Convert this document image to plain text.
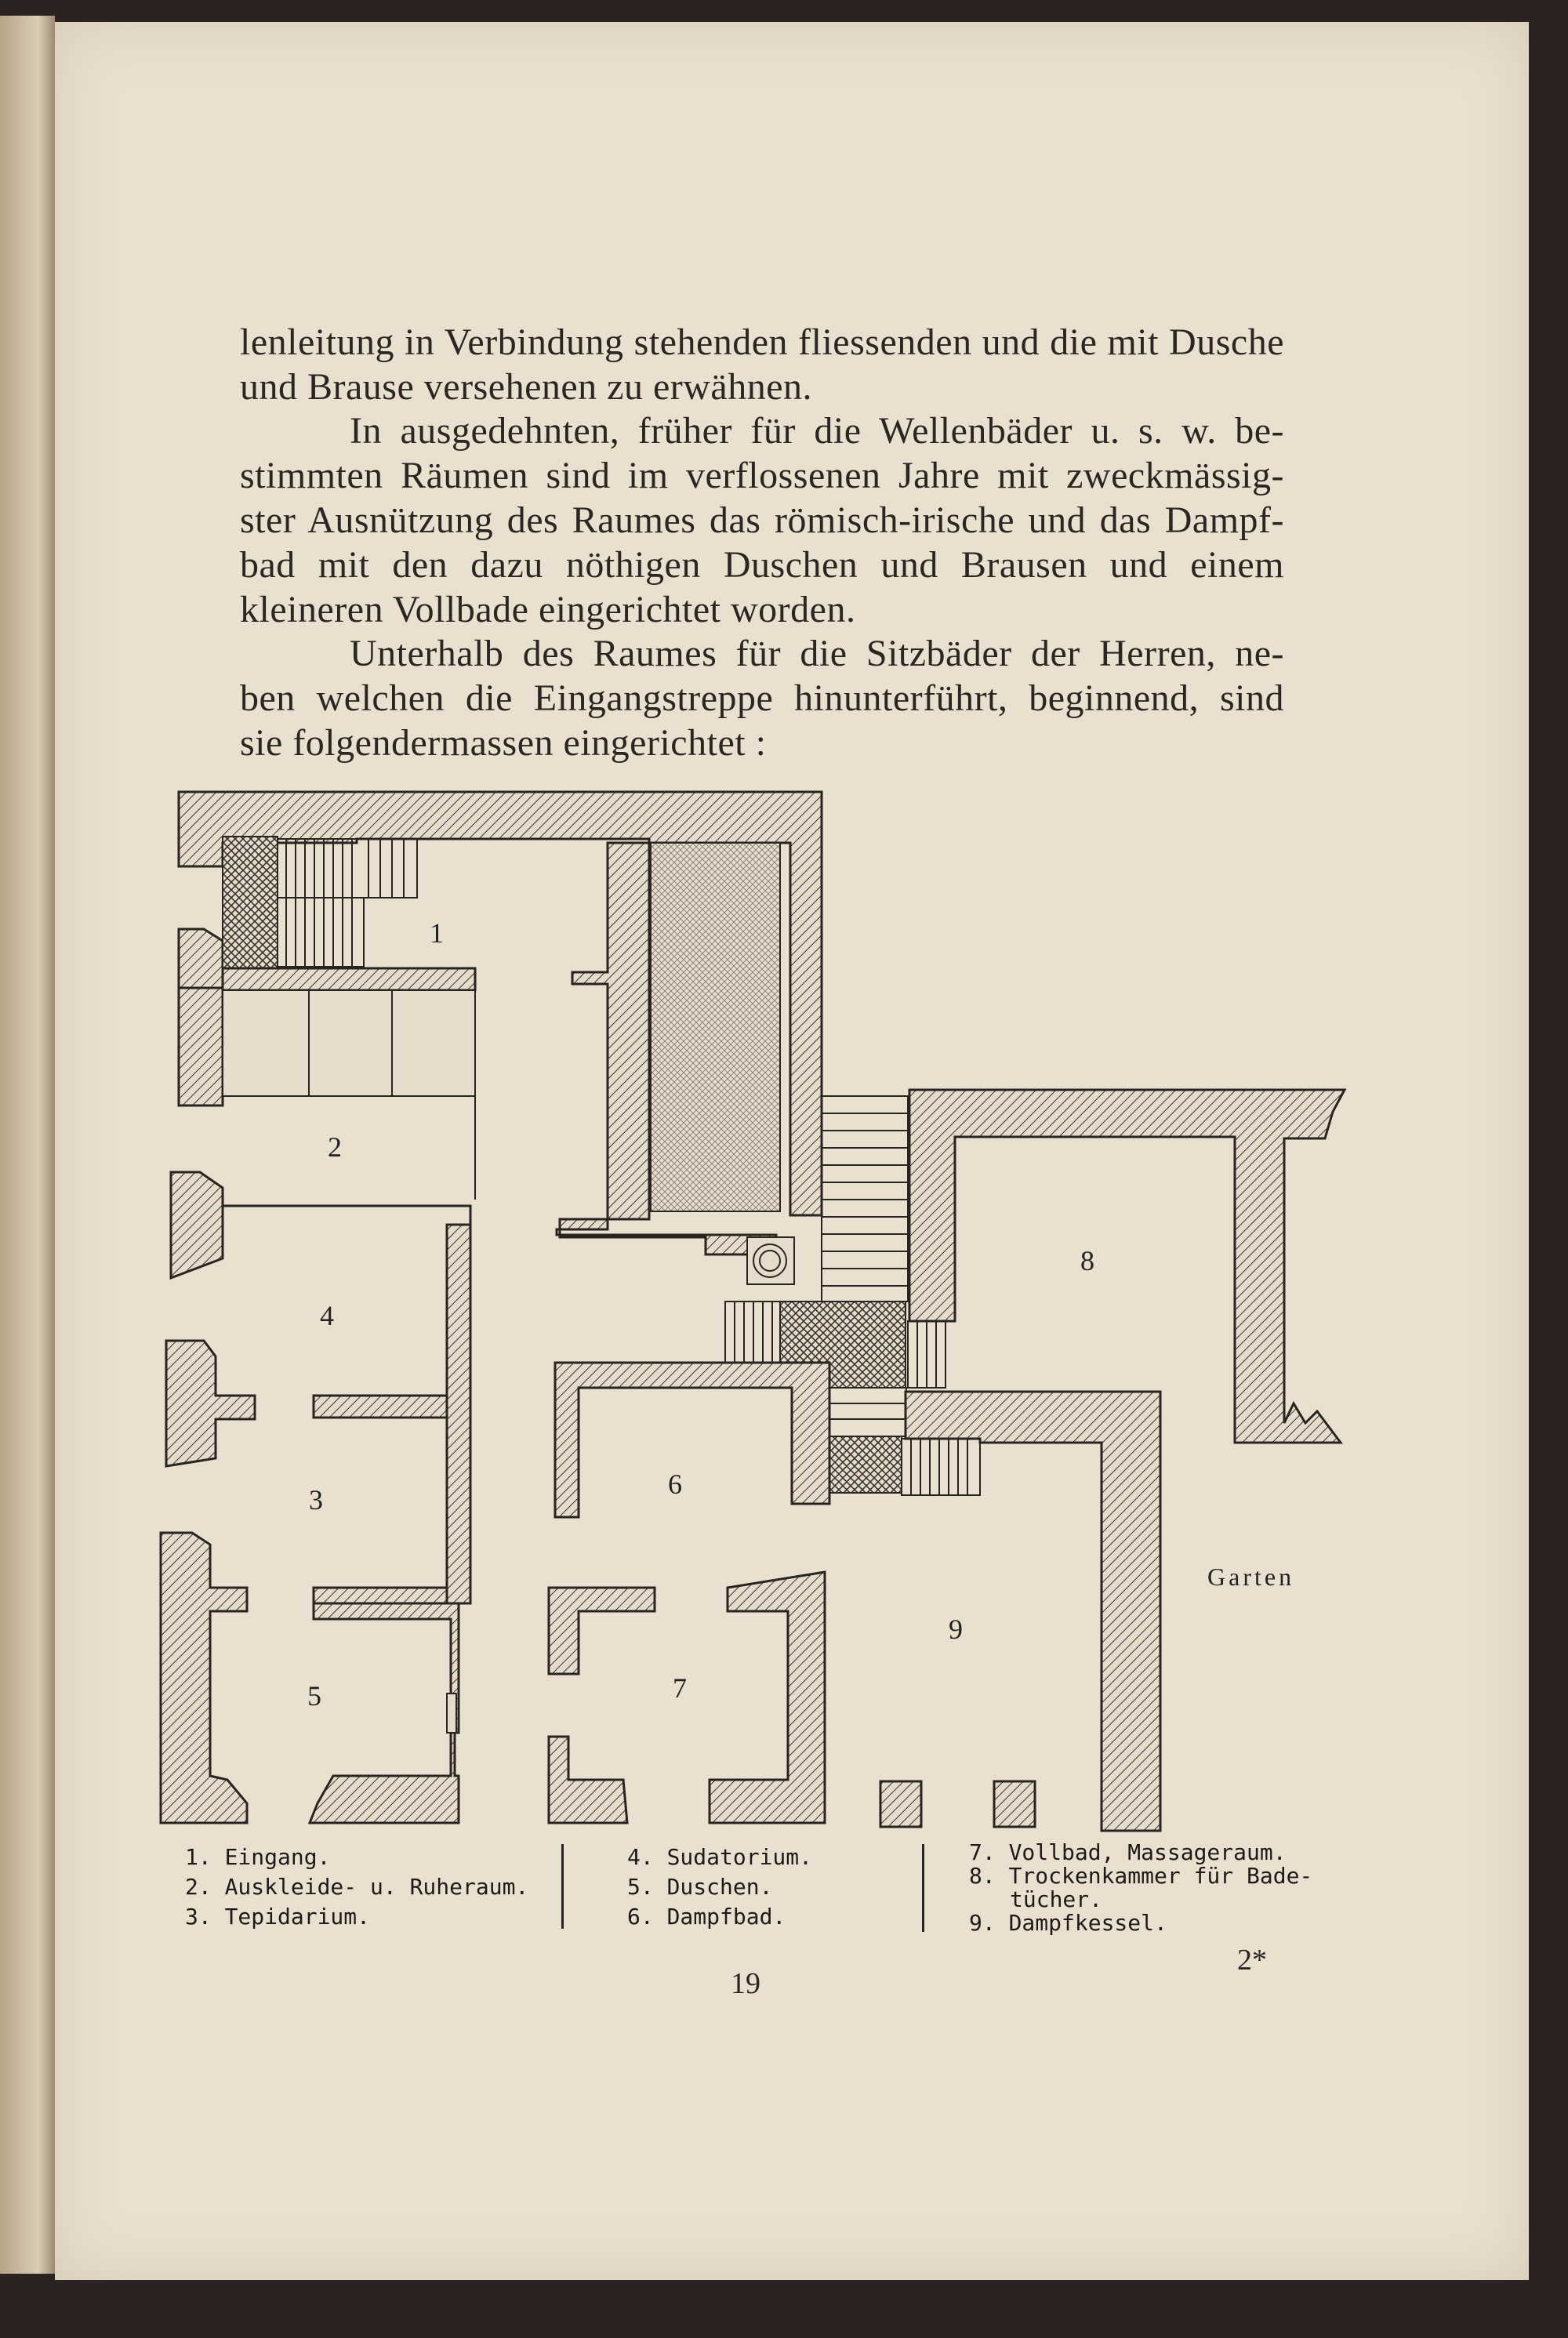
lenleitung in Verbindung stehenden fliessenden und die mit Dusche
und Brause versehenen zu erwähnen.
In ausgedehnten, früher für die Wellenbäder u. s. w. be-
stimmten Räumen sind im verflossenen Jahre mit zweckmässig-
ster Ausnützung des Raumes das römisch-irische und das Dampf-
bad mit den dazu nöthigen Duschen und Brausen und einem
kleineren Vollbade eingerichtet worden.
Unterhalb des Raumes für die Sitzbäder der Herren, ne-
ben welchen die Eingangstreppe hinunterführt, beginnend, sind
sie folgendermassen eingerichtet :
1
2
3
4
5
6
7
8
9
Garten
1. Eingang.
2. Auskleide- u. Ruheraum.
3. Tepidarium.
4. Sudatorium.
5. Duschen.
6. Dampfbad.
7. Vollbad, Massageraum.
8. Trockenkammer für Bade-
tücher.
9. Dampfkessel.
2*
19
